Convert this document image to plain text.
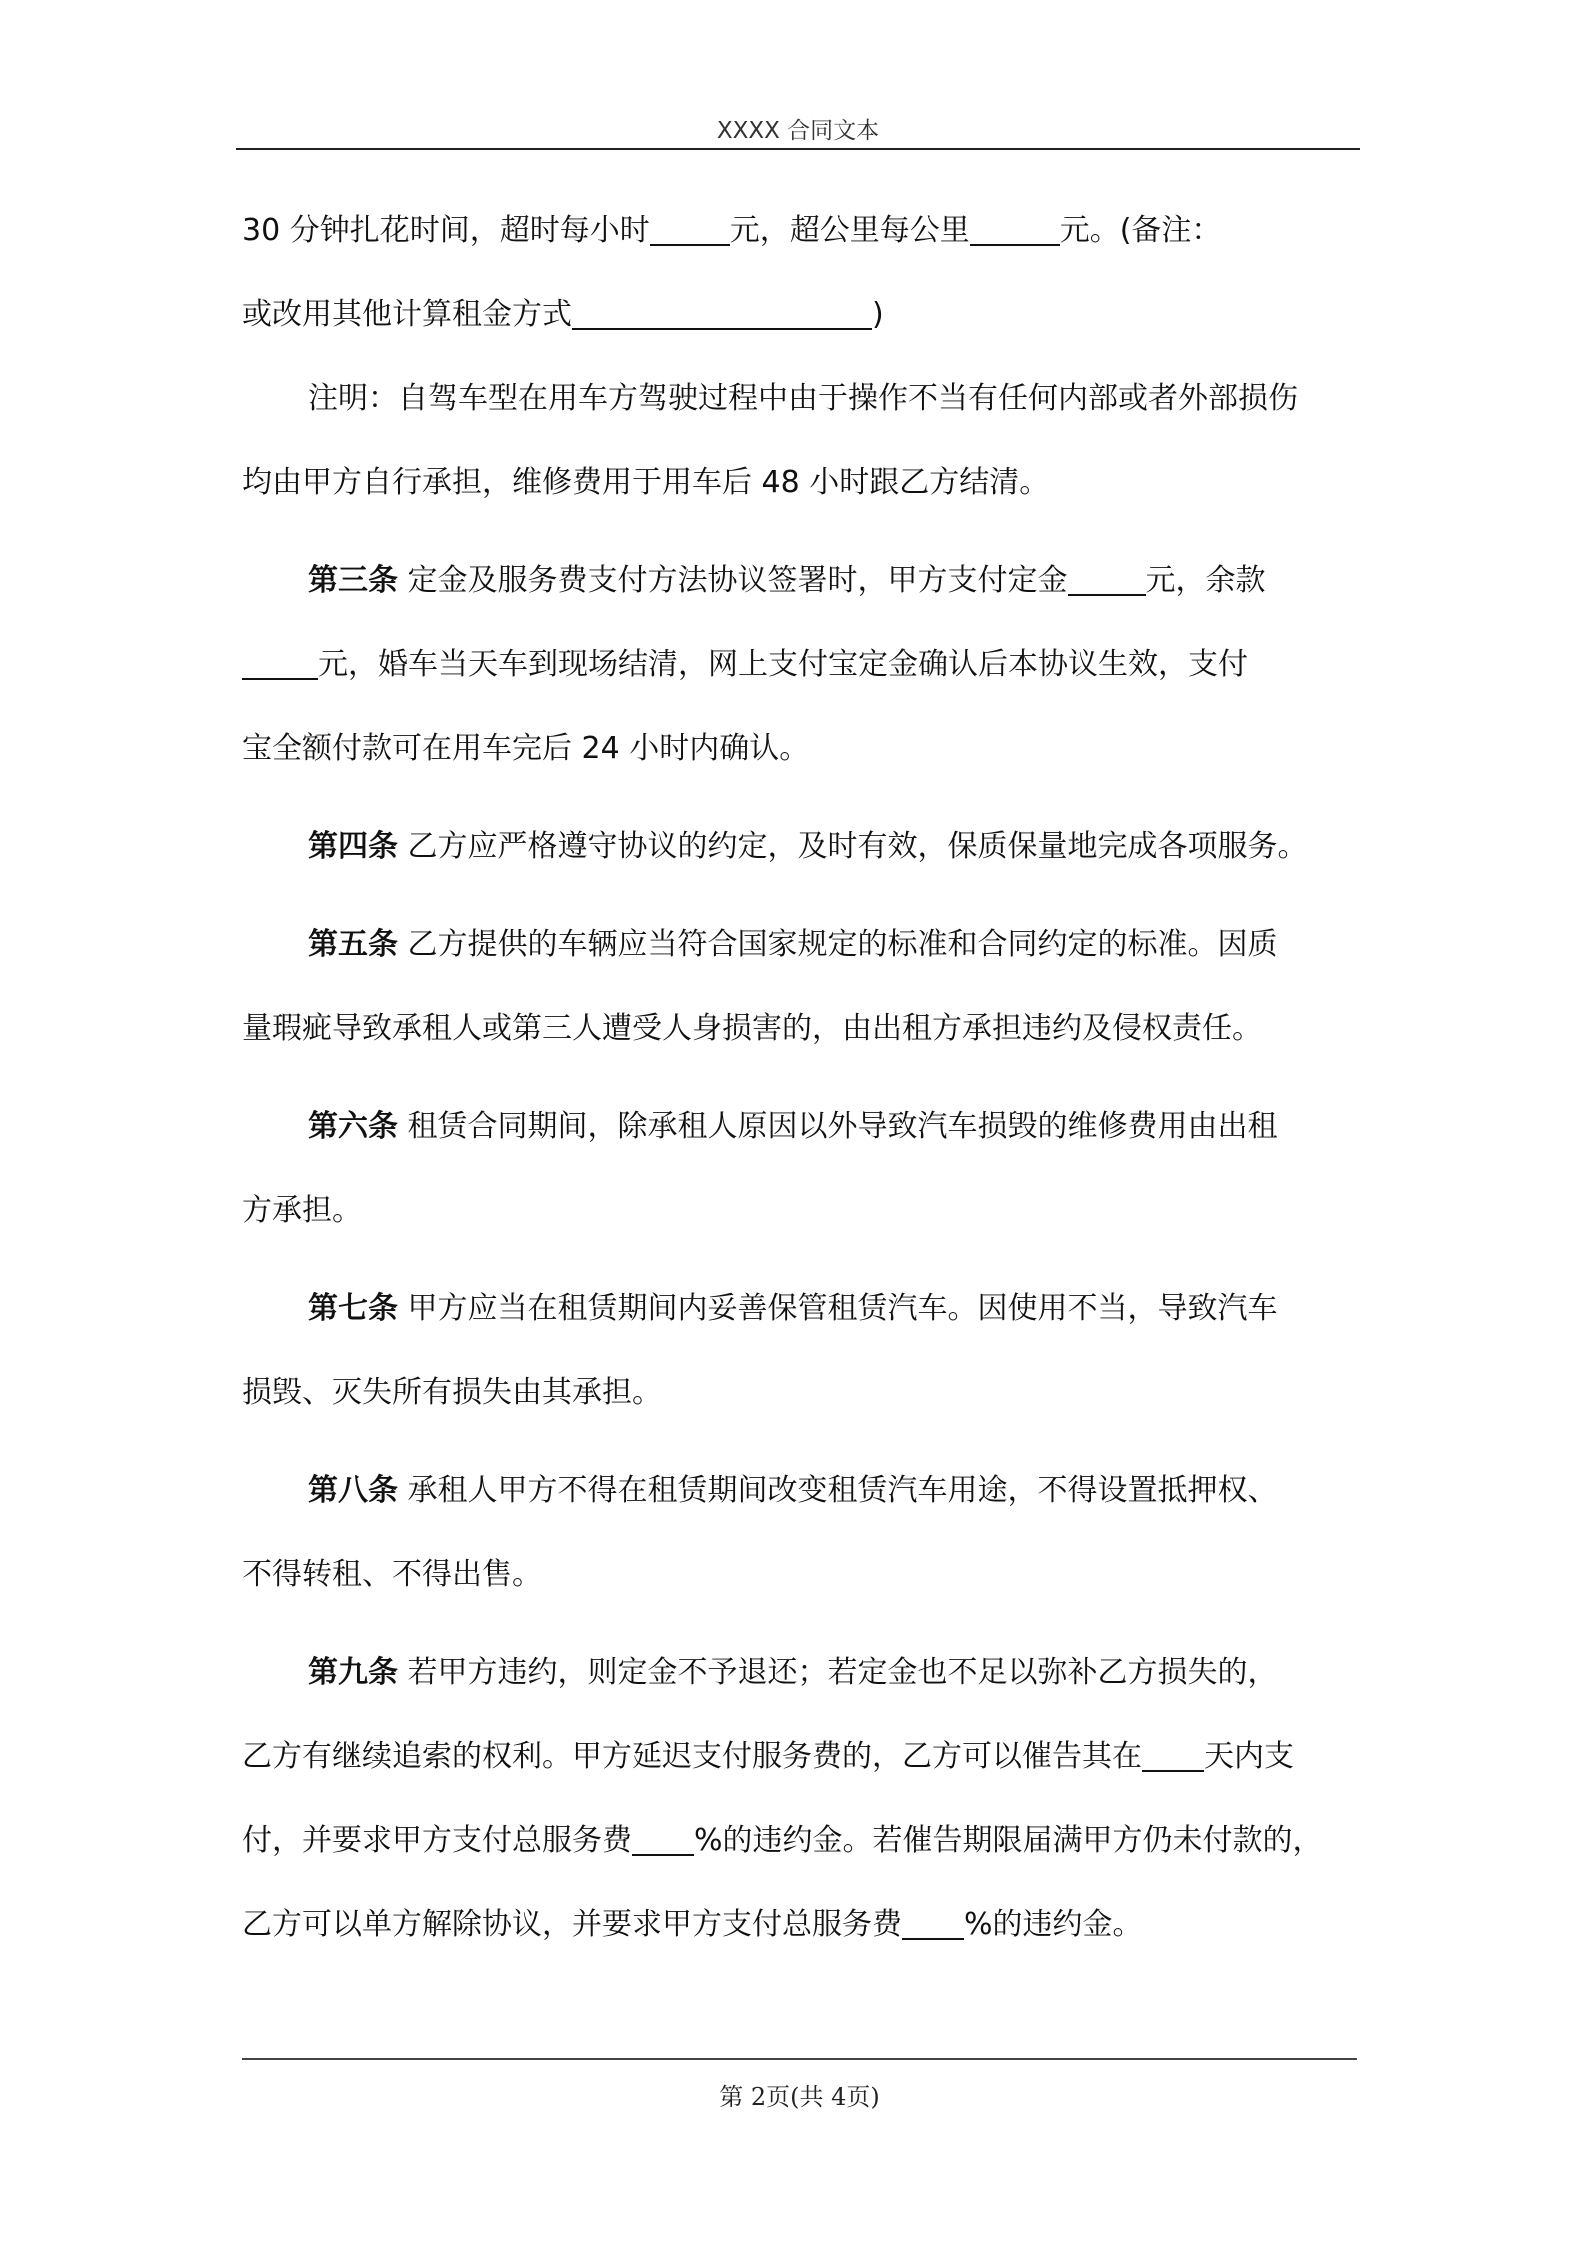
XXXX 合同文本
30 分钟扎花时间，超时每小时	元，超公里每公里	元。(备注：
或改用其他计算租金方式	)
注明：自驾车型在用车方驾驶过程中由于操作不当有任何内部或者外部损伤
均由甲方自行承担，维修费用于用车后 48 小时跟乙方结清。
第三条 定金及服务费支付方法协议签署时，甲方支付定金	元，余款
元，婚车当天车到现场结清，网上支付宝定金确认后本协议生效，支付
宝全额付款可在用车完后 24 小时内确认。
第四条 乙方应严格遵守协议的约定，及时有效，保质保量地完成各项服务。
第五条 乙方提供的车辆应当符合国家规定的标准和合同约定的标准。因质
量瑕疵导致承租人或第三人遭受人身损害的，由出租方承担违约及侵权责任。
第六条 租赁合同期间，除承租人原因以外导致汽车损毁的维修费用由出租
方承担。
第七条 甲方应当在租赁期间内妥善保管租赁汽车。因使用不当，导致汽车
损毁、灭失所有损失由其承担。
第八条 承租人甲方不得在租赁期间改变租赁汽车用途，不得设置抵押权、
不得转租、不得出售。
第九条 若甲方违约，则定金不予退还；若定金也不足以弥补乙方损失的，
乙方有继续追索的权利。甲方延迟支付服务费的，乙方可以催告其在 天内支
付，并要求甲方支付总服务费 %的违约金。若催告期限届满甲方仍未付款的，
乙方可以单方解除协议，并要求甲方支付总服务费 %的违约金。
第 2页(共 4页)
